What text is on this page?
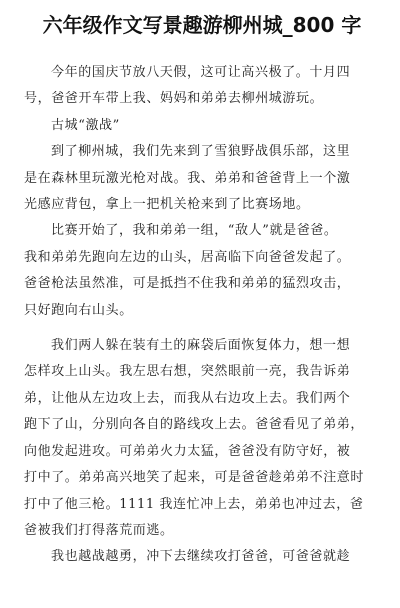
六年级作文写景趣游柳州城_800 字
今年的国庆节放八天假，这可让高兴极了。十月四
号，爸爸开车带上我、妈妈和弟弟去柳州城游玩。
古城“激战”
到了柳州城，我们先来到了雪狼野战俱乐部，这里
是在森林里玩激光枪对战。我、弟弟和爸爸背上一个激
光感应背包，拿上一把机关枪来到了比赛场地。
比赛开始了，我和弟弟一组，“敌人”就是爸爸。
我和弟弟先跑向左边的山头，居高临下向爸爸发起了。
爸爸枪法虽然准，可是抵挡不住我和弟弟的猛烈攻击，
只好跑向右山头。
我们两人躲在装有土的麻袋后面恢复体力，想一想
怎样攻上山头。我左思右想，突然眼前一亮，我告诉弟
弟，让他从左边攻上去，而我从右边攻上去。我们两个
跑下了山，分别向各自的路线攻上去。爸爸看见了弟弟，
向他发起进攻。可弟弟火力太猛，爸爸没有防守好，被
打中了。弟弟高兴地笑了起来，可是爸爸趁弟弟不注意时
打中了他三枪。1111 我连忙冲上去，弟弟也冲过去，爸
爸被我们打得落荒而逃。
我也越战越勇，冲下去继续攻打爸爸，可爸爸就趁
